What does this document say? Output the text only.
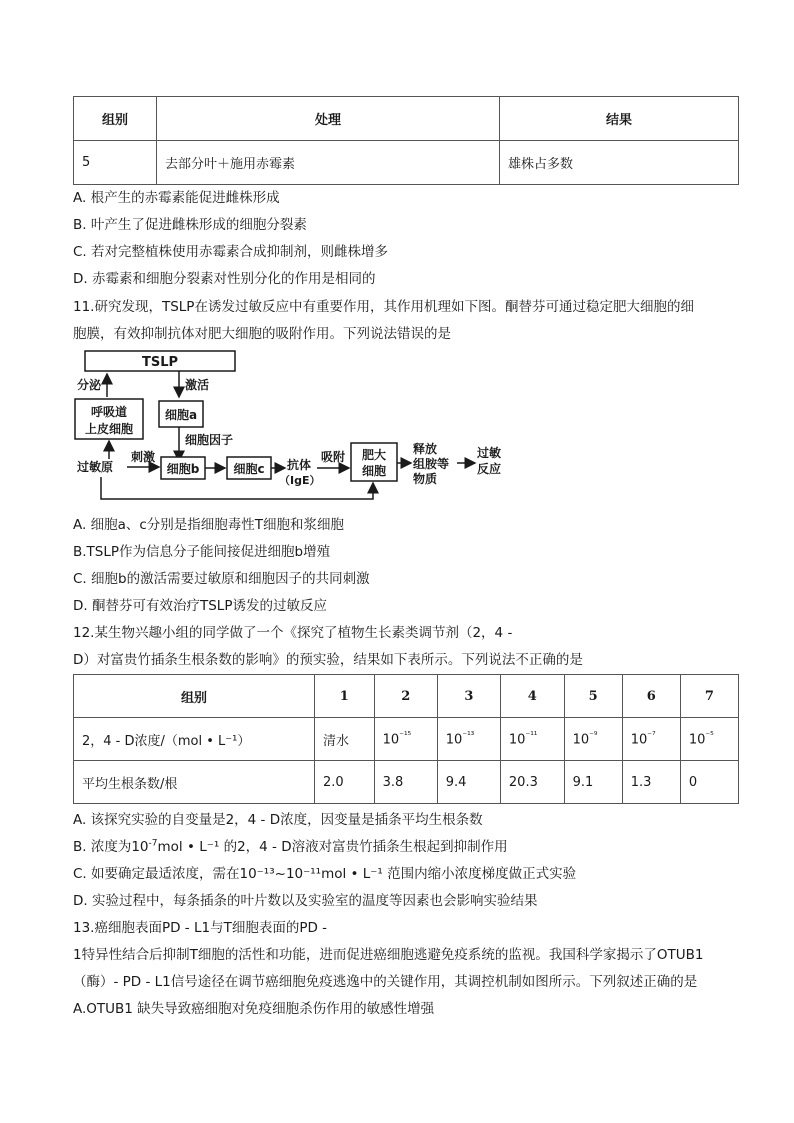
组别	处理	结果
5	去部分叶＋施用赤霉素	雄株占多数
A. 根产生的赤霉素能促进雌株形成
B. 叶产生了促进雌株形成的细胞分裂素
C. 若对完整植株使用赤霉素合成抑制剂，则雌株增多
D. 赤霉素和细胞分裂素对性别分化的作用是相同的
11.研究发现，TSLP在诱发过敏反应中有重要作用，其作用机理如下图。酮替芬可通过稳定肥大细胞的细
胞膜，有效抑制抗体对肥大细胞的吸附作用。下列说法错误的是
TSLP
分泌	激活
呼吸道
上皮细胞
细胞a
细胞因子
过敏原
刺激
细胞b	细胞c 抗体
（IgE）
吸附 肥大
细胞
释放
组胺等
物质
过敏
反应
A. 细胞a、c分别是指细胞毒性T细胞和浆细胞
B.TSLP作为信息分子能间接促进细胞b增殖
C. 细胞b的激活需要过敏原和细胞因子的共同刺激
D. 酮替芬可有效治疗TSLP诱发的过敏反应
12.某生物兴趣小组的同学做了一个《探究了植物生长素类调节剂（2，4 -
D）对富贵竹插条生根条数的影响》的预实验，结果如下表所示。下列说法不正确的是
组别	1	2	3	4	5	6	7
2，4 - D浓度/（mol • L⁻¹）	清水	$10^{^{-15}}$	$10^{^{-13}}$	$10^{^{-11}}$	$10^{^{-9}}$	$10^{^{-7}}$	$10^{^{-5}}$
平均生根条数/根	2.0	3.8	9.4	20.3	9.1	1.3	0
A. 该探究实验的自变量是2，4 - D浓度，因变量是插条平均生根条数
B. 浓度为$10^{-7}mol$ • L⁻¹ 的2，4 - D溶液对富贵竹插条生根起到抑制作用
C. 如要确定最适浓度，需在10⁻¹³~10⁻¹¹mol • L⁻¹ 范围内缩小浓度梯度做正式实验
D. 实验过程中，每条插条的叶片数以及实验室的温度等因素也会影响实验结果
13.癌细胞表面PD - L1与T细胞表面的PD -
1特异性结合后抑制T细胞的活性和功能，进而促进癌细胞逃避免疫系统的监视。我国科学家揭示了OTUB1
（酶）- PD - L1信号途径在调节癌细胞免疫逃逸中的关键作用，其调控机制如图所示。下列叙述正确的是
A.OTUB1 缺失导致癌细胞对免疫细胞杀伤作用的敏感性增强
